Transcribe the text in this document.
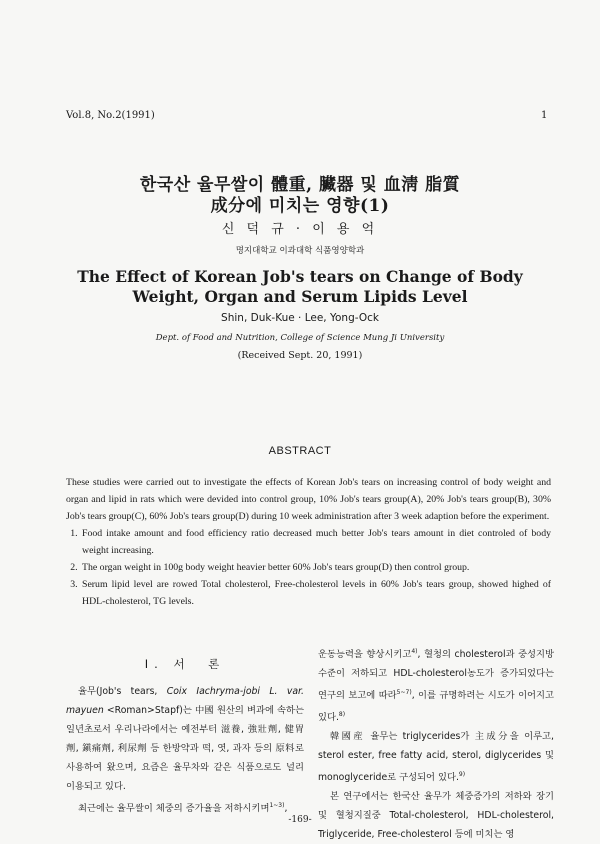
Vol.8, No.2(1991)	1
한국산 율무쌀이 體重, 臟器 및 血淸 脂質
成分에 미치는 영향(1)
신 덕 규 · 이 용 억
명지대학교 이과대학 식품영양학과
The Effect of Korean Job's tears on Change of Body
Weight, Organ and Serum Lipids Level
Shin, Duk-Kue · Lee, Yong-Ock
Dept. of Food and Nutrition, College of Science Mung Ji University
(Received Sept. 20, 1991)
ABSTRACT

These studies were carried out to investigate the effects of Korean Job's tears on increasing control of body weight and organ and lipid in rats which were devided into control group, 10% Job's tears group(A), 20% Job's tears group(B), 30% Job's tears group(C), 60% Job's tears group(D) during 10 week administration after 3 week adaption before the experiment.

1. Food intake amount and food efficiency ratio decreased much better Job's tears amount in diet controled of body weight increasing.
2. The organ weight in 100g body weight heavier better 60% Job's tears group(D) then control group.
3. Serum lipid level are rowed Total cholesterol, Free-cholesterol levels in 60% Job's tears group, showed highed of HDL-cholesterol, TG levels.
I. 서　론

율무(Job's tears, Coix Iachryma-jobi L. var. mayuen <Roman>Stapf)는 中國 원산의 벼과에 속하는 일년초로서 우리나라에서는 예전부터 滋養, 強壯劑, 健胃劑, 鎭痛劑, 利尿劑 등 한방약과 떡, 엿, 과자 등의 原料로 사용하여 왔으며, 요즘은 율무차와 같은 식품으로도 널리 이용되고 있다.

최근에는 율무쌀이 체중의 증가율을 저하시키며$^{1\sim 3)}$,

운동능력을 향상시키고$^{4)}$, 혈청의 cholesterol과 중성지방 수준이 저하되고 HDL-cholesterol농도가 증가되었다는 연구의 보고에 따라$^{5\sim 7)}$, 이를 규명하려는 시도가 이어지고 있다.$^{8)}$

韓國産 율무는 triglycerides가 主成分을 이루고, sterol ester, free fatty acid, sterol, diglycerides 및 monoglyceride로 구성되어 있다.$^{9)}$

본 연구에서는 한국산 율무가 체중증가의 저하와 장기 및 혈청지질중 Total-cholesterol, HDL-cholesterol, Triglyceride, Free-cholesterol 등에 미치는 영

-169-
